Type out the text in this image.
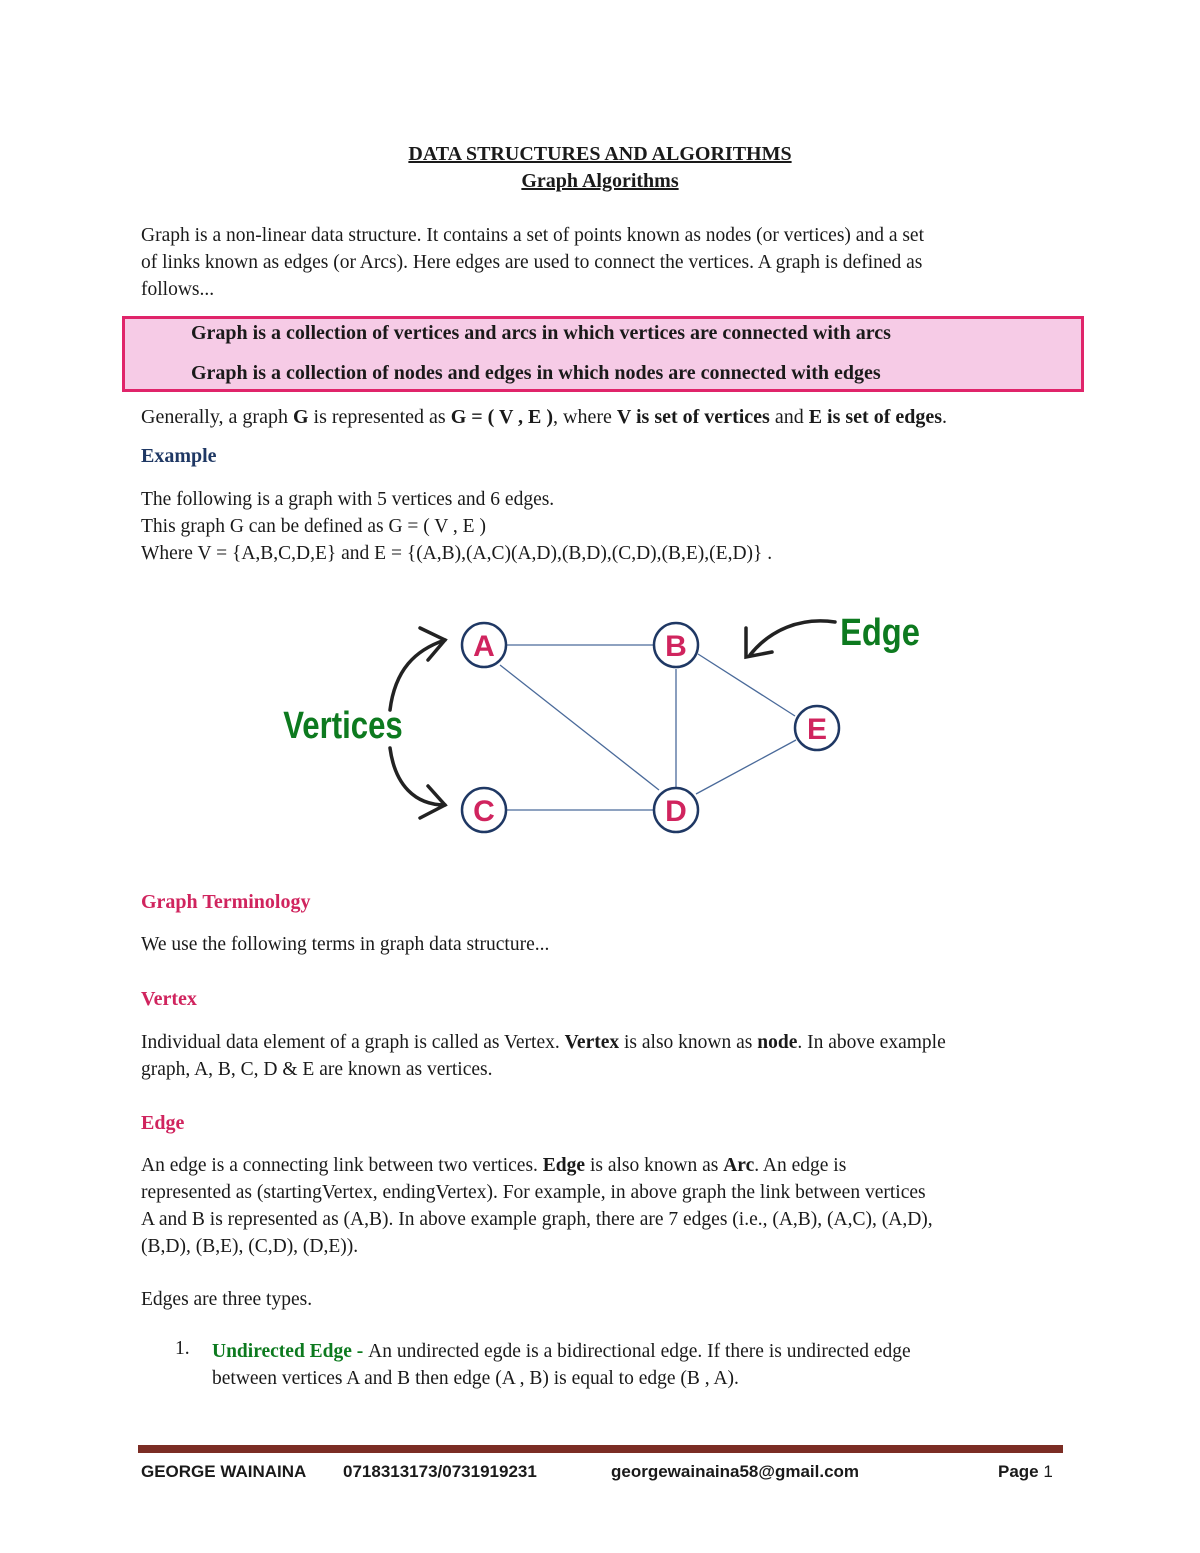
DATA STRUCTURES AND ALGORITHMS
Graph Algorithms
Graph is a non-linear data structure. It contains a set of points known as nodes (or vertices) and a set
of links known as edges (or Arcs). Here edges are used to connect the vertices. A graph is defined as
follows...
Graph is a collection of vertices and arcs in which vertices are connected with arcs
Graph is a collection of nodes and edges in which nodes are connected with edges
Generally, a graph G is represented as G = ( V , E ), where V is set of vertices and E is set of edges.
Example
The following is a graph with 5 vertices and 6 edges.
This graph G can be defined as G = ( V , E )
Where V = {A,B,C,D,E} and E = {(A,B),(A,C)(A,D),(B,D),(C,D),(B,E),(E,D)} .
A	B
C	D
E
Vertices
Edge
Graph Terminology
We use the following terms in graph data structure...
Vertex
Individual data element of a graph is called as Vertex. Vertex is also known as node. In above example
graph, A, B, C, D & E are known as vertices.
Edge
An edge is a connecting link between two vertices. Edge is also known as Arc. An edge is
represented as (startingVertex, endingVertex). For example, in above graph the link between vertices
A and B is represented as (A,B). In above example graph, there are 7 edges (i.e., (A,B), (A,C), (A,D),
(B,D), (B,E), (C,D), (D,E)).
Edges are three types.
1. Undirected Edge - An undirected egde is a bidirectional edge. If there is undirected edge
between vertices A and B then edge (A , B) is equal to edge (B , A).
GEORGE WAINAINA 0718313173/0731919231	georgewainaina58@gmail.com	Page 1
